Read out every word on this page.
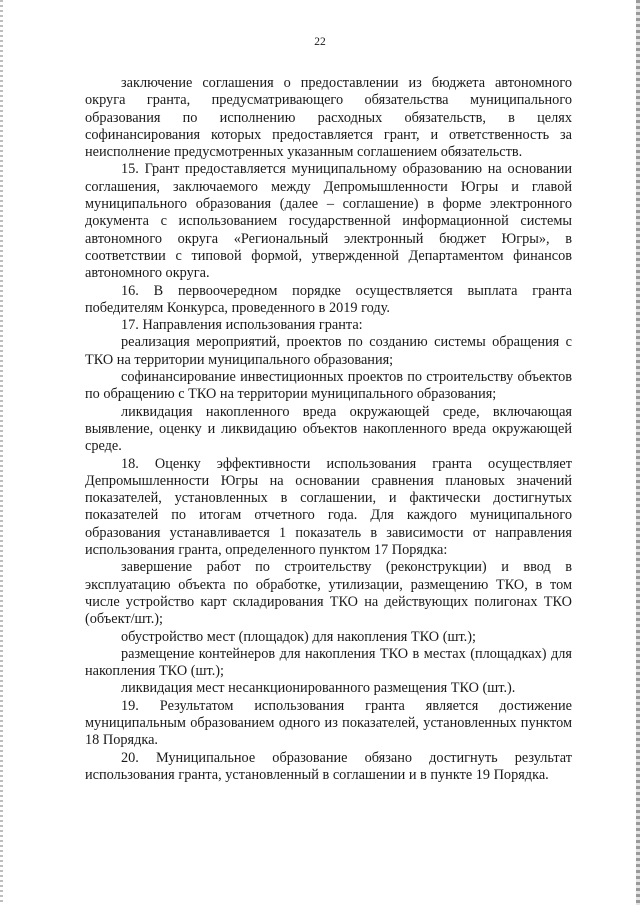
22

заключение соглашения о предоставлении из бюджета автономного округа гранта, предусматривающего обязательства муниципального образования по исполнению расходных обязательств, в целях софинансирования которых предоставляется грант, и ответственность за неисполнение предусмотренных указанным соглашением обязательств.

15. Грант предоставляется муниципальному образованию на основании соглашения, заключаемого между Депромышленности Югры и главой муниципального образования (далее – соглашение) в форме электронного документа с использованием государственной информационной системы автономного округа «Региональный электронный бюджет Югры», в соответствии с типовой формой, утвержденной Департаментом финансов автономного округа.

16. В первоочередном порядке осуществляется выплата гранта победителям Конкурса, проведенного в 2019 году.

17. Направления использования гранта:

реализация мероприятий, проектов по созданию системы обращения с ТКО на территории муниципального образования;

софинансирование инвестиционных проектов по строительству объектов по обращению с ТКО на территории муниципального образования;

ликвидация накопленного вреда окружающей среде, включающая выявление, оценку и ликвидацию объектов накопленного вреда окружающей среде.

18. Оценку эффективности использования гранта осуществляет Депромышленности Югры на основании сравнения плановых значений показателей, установленных в соглашении, и фактически достигнутых показателей по итогам отчетного года. Для каждого муниципального образования устанавливается 1 показатель в зависимости от направления использования гранта, определенного пунктом 17 Порядка:

завершение работ по строительству (реконструкции) и ввод в эксплуатацию объекта по обработке, утилизации, размещению ТКО, в том числе устройство карт складирования ТКО на действующих полигонах ТКО (объект/шт.);

обустройство мест (площадок) для накопления ТКО (шт.);

размещение контейнеров для накопления ТКО в местах (площадках) для накопления ТКО (шт.);

ликвидация мест несанкционированного размещения ТКО (шт.).

19. Результатом использования гранта является достижение муниципальным образованием одного из показателей, установленных пунктом 18 Порядка.

20. Муниципальное образование обязано достигнуть результат использования гранта, установленный в соглашении и в пункте 19 Порядка.
